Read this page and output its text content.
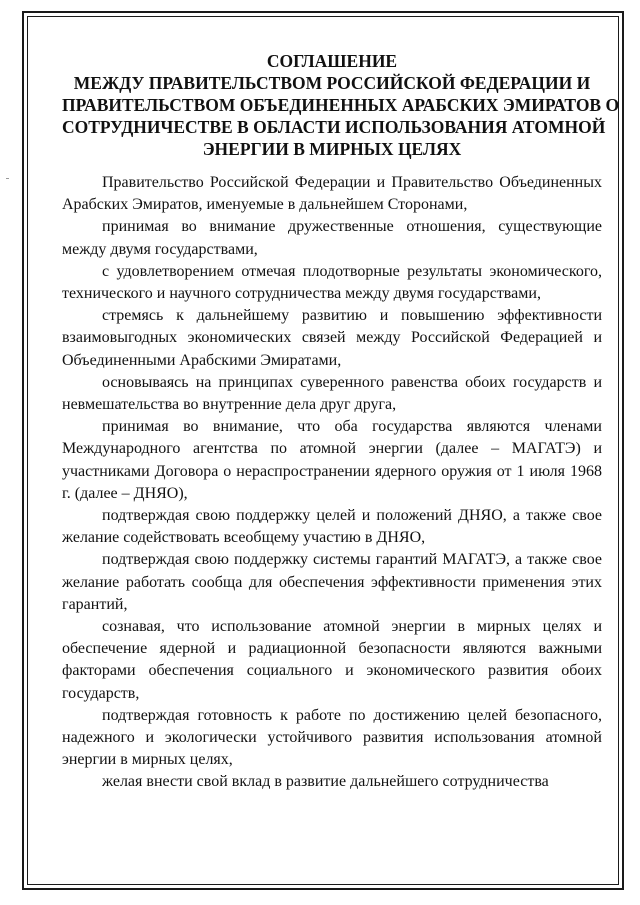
СОГЛАШЕНИЕ
МЕЖДУ ПРАВИТЕЛЬСТВОМ РОССИЙСКОЙ ФЕДЕРАЦИИ И
ПРАВИТЕЛЬСТВОМ ОБЪЕДИНЕННЫХ АРАБСКИХ ЭМИРАТОВ О
СОТРУДНИЧЕСТВЕ В ОБЛАСТИ ИСПОЛЬЗОВАНИЯ АТОМНОЙ
ЭНЕРГИИ В МИРНЫХ ЦЕЛЯХ

Правительство Российской Федерации и Правительство Объединенных Арабских Эмиратов, именуемые в дальнейшем Сторонами,

принимая во внимание дружественные отношения, существующие между двумя государствами,

с удовлетворением отмечая плодотворные результаты экономического, технического и научного сотрудничества между двумя государствами,

стремясь к дальнейшему развитию и повышению эффективности взаимовыгодных экономических связей между Российской Федерацией и Объединенными Арабскими Эмиратами,

основываясь на принципах суверенного равенства обоих государств и невмешательства во внутренние дела друг друга,

принимая во внимание, что оба государства являются членами Международного агентства по атомной энергии (далее – МАГАТЭ) и участниками Договора о нераспространении ядерного оружия от 1 июля 1968 г. (далее – ДНЯО),

подтверждая свою поддержку целей и положений ДНЯО, а также свое желание содействовать всеобщему участию в ДНЯО,

подтверждая свою поддержку системы гарантий МАГАТЭ, а также свое желание работать сообща для обеспечения эффективности применения этих гарантий,

сознавая, что использование атомной энергии в мирных целях и обеспечение ядерной и радиационной безопасности являются важными факторами обеспечения социального и экономического развития обоих государств,

подтверждая готовность к работе по достижению целей безопасного, надежного и экологически устойчивого развития использования атомной энергии в мирных целях,

желая внести свой вклад в развитие дальнейшего сотрудничества
